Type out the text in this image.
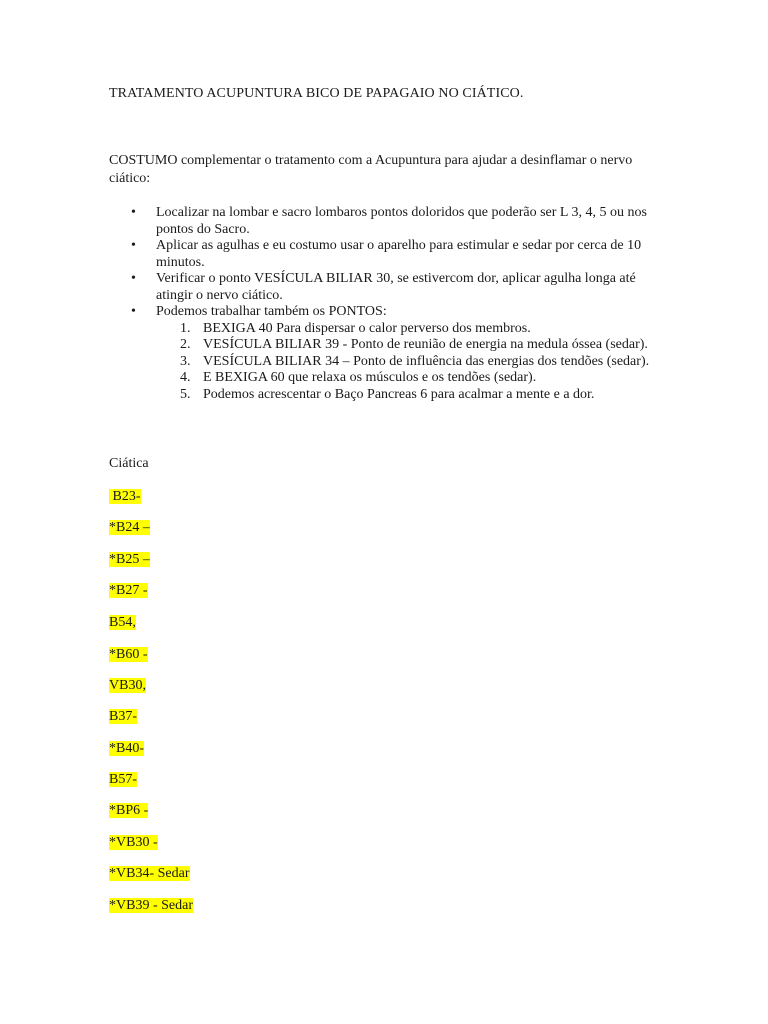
TRATAMENTO ACUPUNTURA BICO DE PAPAGAIO NO CIÁTICO.
COSTUMO complementar o tratamento com a Acupuntura para ajudar a desinflamar o nervo ciático:
• Localizar na lombar e sacro lombaros pontos doloridos que poderão ser L 3, 4, 5 ou nos pontos do Sacro.
• Aplicar as agulhas e eu costumo usar o aparelho para estimular e sedar por cerca de 10 minutos.
• Verificar o ponto VESÍCULA BILIAR 30, se estivercom dor, aplicar agulha longa até atingir o nervo ciático.
• Podemos trabalhar também os PONTOS:
1. BEXIGA 40 Para dispersar o calor perverso dos membros.
2. VESÍCULA BILIAR 39 - Ponto de reunião de energia na medula óssea (sedar).
3. VESÍCULA BILIAR 34 – Ponto de influência das energias dos tendões (sedar).
4. E BEXIGA 60 que relaxa os músculos e os tendões (sedar).
5. Podemos acrescentar o Baço Pancreas 6 para acalmar a mente e a dor.
Ciática
B23-
*B24 –
*B25 –
*B27 -
B54,
*B60 -
VB30,
B37-
*B40-
B57-
*BP6 -
*VB30 -
*VB34- Sedar
*VB39 - Sedar
